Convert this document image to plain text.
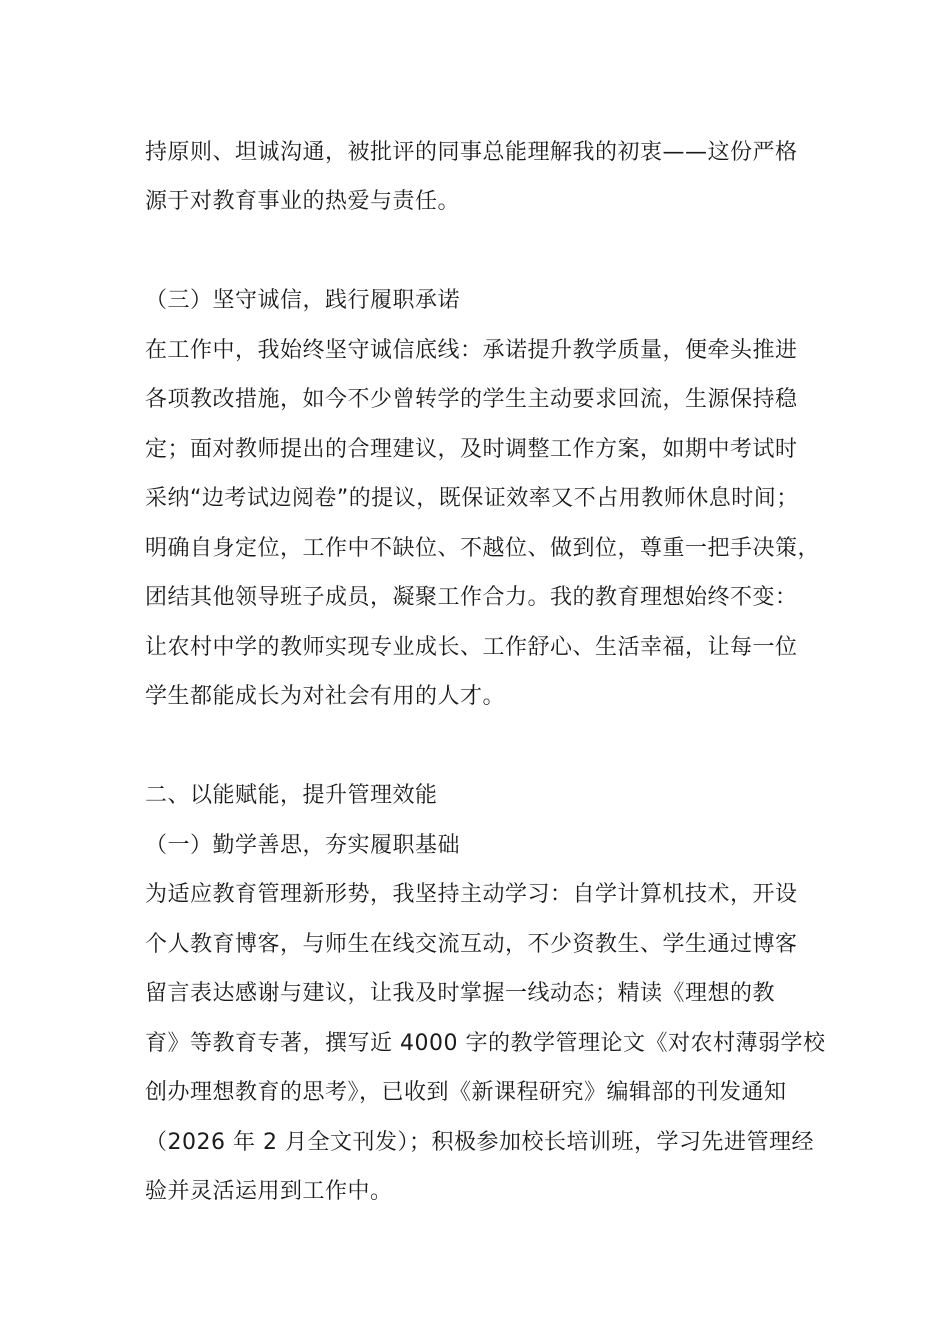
持原则、坦诚沟通，被批评的同事总能理解我的初衷——这份严格
源于对教育事业的热爱与责任。
（三）坚守诚信，践行履职承诺
在工作中，我始终坚守诚信底线：承诺提升教学质量，便牵头推进
各项教改措施，如今不少曾转学的学生主动要求回流，生源保持稳
定；面对教师提出的合理建议，及时调整工作方案，如期中考试时
采纳“边考试边阅卷”的提议，既保证效率又不占用教师休息时间；
明确自身定位，工作中不缺位、不越位、做到位，尊重一把手决策，
团结其他领导班子成员，凝聚工作合力。我的教育理想始终不变：
让农村中学的教师实现专业成长、工作舒心、生活幸福，让每一位
学生都能成长为对社会有用的人才。
二、以能赋能，提升管理效能
（一）勤学善思，夯实履职基础
为适应教育管理新形势，我坚持主动学习：自学计算机技术，开设
个人教育博客，与师生在线交流互动，不少资教生、学生通过博客
留言表达感谢与建议，让我及时掌握一线动态；精读《理想的教
育》等教育专著，撰写近 4000 字的教学管理论文《对农村薄弱学校
创办理想教育的思考》，已收到《新课程研究》编辑部的刊发通知
（2026 年 2 月全文刊发）；积极参加校长培训班，学习先进管理经
验并灵活运用到工作中。
